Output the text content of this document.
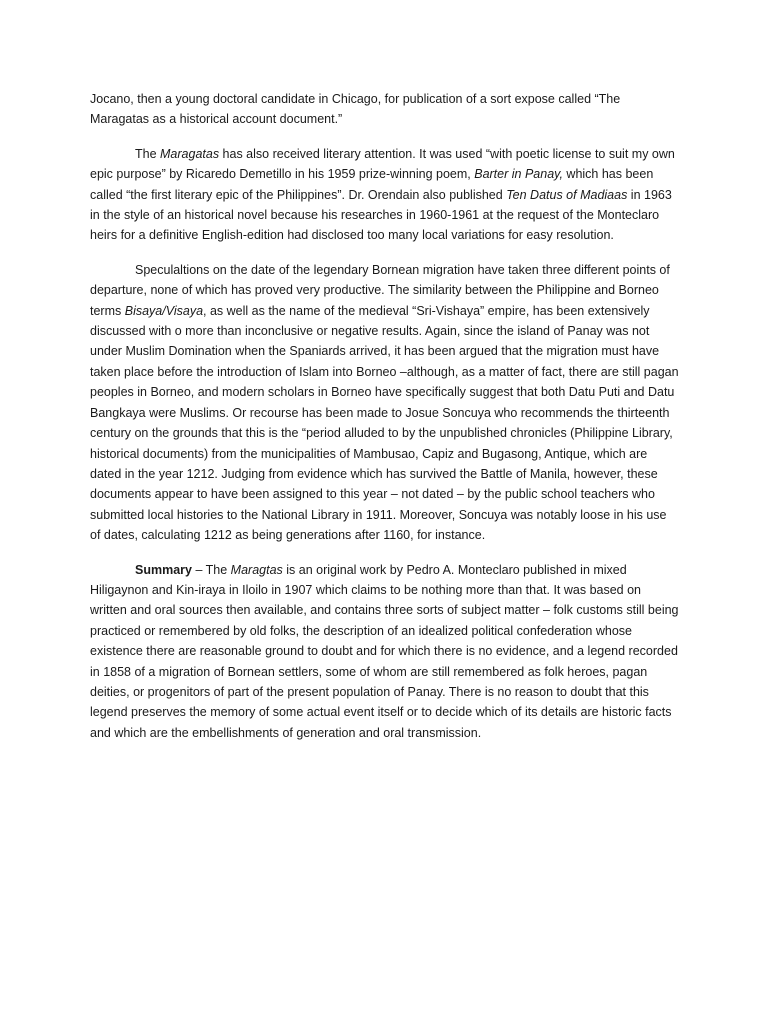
Jocano, then a young doctoral candidate in Chicago, for publication of a sort expose called “The Maragatas as a historical account document.”

The Maragatas has also received literary attention. It was used “with poetic license to suit my own epic purpose” by Ricaredo Demetillo in his 1959 prize-winning poem, Barter in Panay, which has been called “the first literary epic of the Philippines”. Dr. Orendain also published Ten Datus of Madiaas in 1963 in the style of an historical novel because his researches in 1960-1961 at the request of the Monteclaro heirs for a definitive English-edition had disclosed too many local variations for easy resolution.

Speculaltions on the date of the legendary Bornean migration have taken three different points of departure, none of which has proved very productive. The similarity between the Philippine and Borneo terms Bisaya/Visaya, as well as the name of the medieval “Sri-Vishaya” empire, has been extensively discussed with o more than inconclusive or negative results. Again, since the island of Panay was not under Muslim Domination when the Spaniards arrived, it has been argued that the migration must have taken place before the introduction of Islam into Borneo –although, as a matter of fact, there are still pagan peoples in Borneo, and modern scholars in Borneo have specifically suggest that both Datu Puti and Datu Bangkaya were Muslims. Or recourse has been made to Josue Soncuya who recommends the thirteenth century on the grounds that this is the “period alluded to by the unpublished chronicles (Philippine Library, historical documents) from the municipalities of Mambusao, Capiz and Bugasong, Antique, which are dated in the year 1212. Judging from evidence which has survived the Battle of Manila, however, these documents appear to have been assigned to this year – not dated – by the public school teachers who submitted local histories to the National Library in 1911. Moreover, Soncuya was notably loose in his use of dates, calculating 1212 as being generations after 1160, for instance.

Summary – The Maragtas is an original work by Pedro A. Monteclaro published in mixed Hiligaynon and Kin-iraya in Iloilo in 1907 which claims to be nothing more than that. It was based on written and oral sources then available, and contains three sorts of subject matter – folk customs still being practiced or remembered by old folks, the description of an idealized political confederation whose existence there are reasonable ground to doubt and for which there is no evidence, and a legend recorded in 1858 of a migration of Bornean settlers, some of whom are still remembered as folk heroes, pagan deities, or progenitors of part of the present population of Panay. There is no reason to doubt that this legend preserves the memory of some actual event itself or to decide which of its details are historic facts and which are the embellishments of generation and oral transmission.
